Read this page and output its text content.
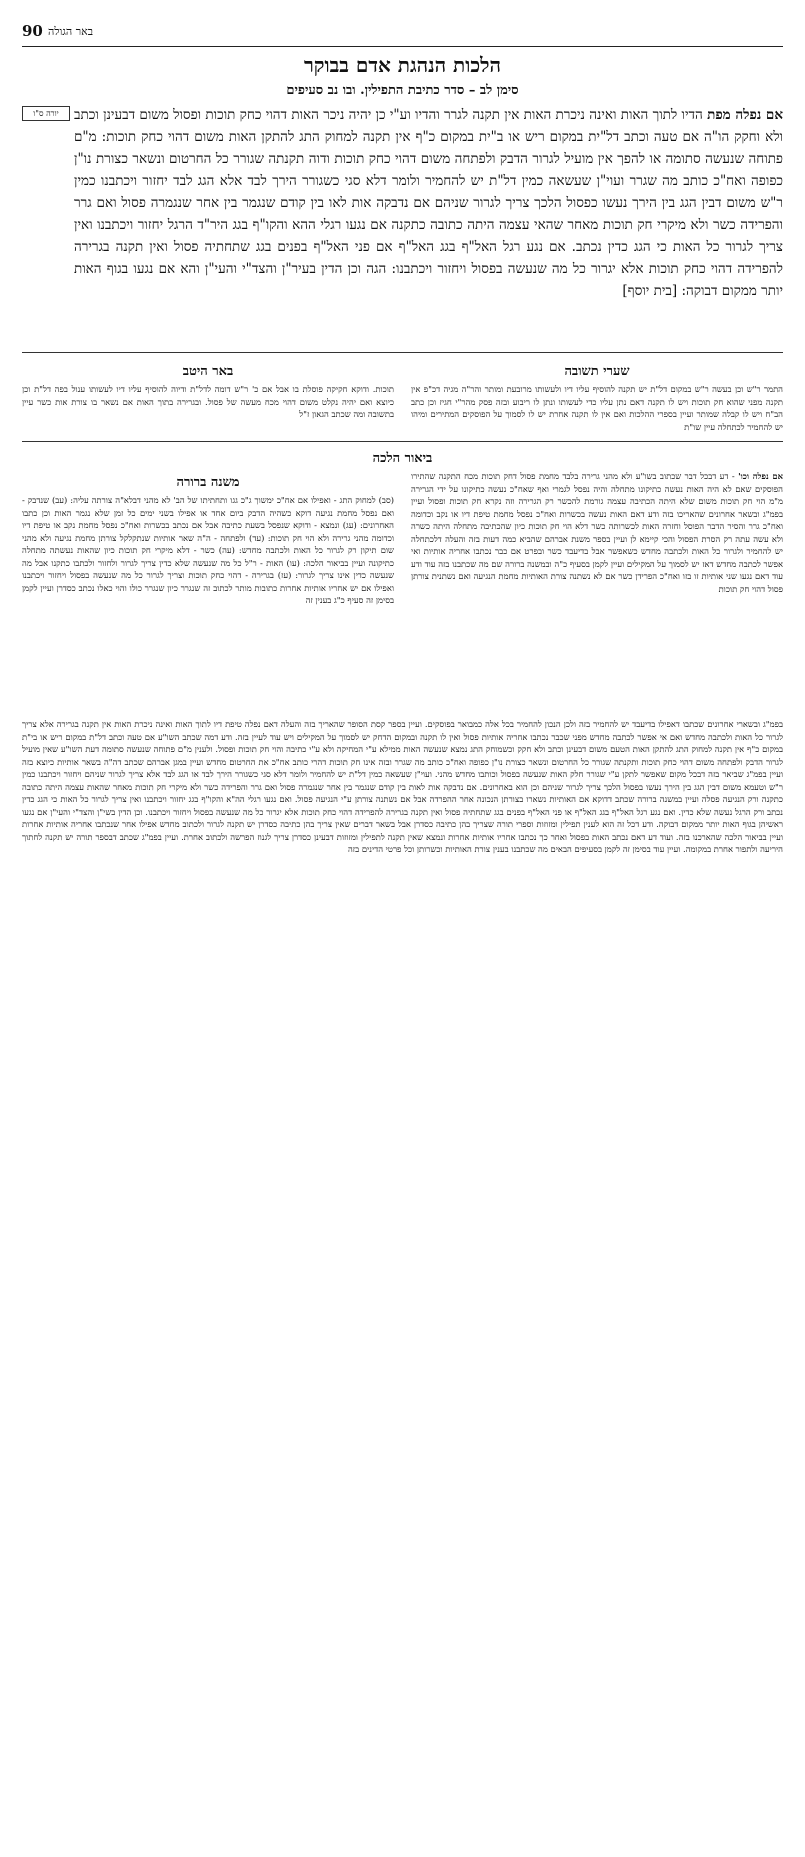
90 באר הגולה
הלכות הנהגת אדם בבוקר
סימן לב – סדר כתיבת התפילין. ובו נב סעיפים
יורה ס"ו	אם נפלה מפת הדיו לתוך האות ואינה ניכרת האות אין תקנה לגרר והדיו וע"י כן יהיה ניכר האות דהוי כחק תוכות ופסול משום דבעינן וכתב ולא וחקק הו"ה אם טעה וכתב דל"ית במקום ריש או ב"ית במקום כ"ף אין תקנה למחוק התג להתקן האות משום דהוי כחק תוכות: מ"ם פתוחה שנעשה סתומה או להפך אין מועיל לגרור הדבק ולפתחה משום דהוי כחק תוכות ודוה תקנתה שגורר כל החרטום ונשאר כצורת נו"ן כפופה ואח"כ כותב מה שגרר ועוי"ן שעשאה כמין דל"ת יש להחמיר ולומר דלא סגי כשגורר הירך לבד אלא הגג לבד יחזור ויכתבנו כמין ר"ש משום דבין הגג בין הירך נעשו כפסול הלכך צריך לגרור שניהם אם נדבקה אות לאו בין קודם שנגמר בין אחר שנגמרה פסול ואם גרר והפרידה כשר ולא מיקרי חק תוכות מאחר שהאי עצמה היתה כתובה כתקנה אם נגעו רגלי ההא והקו"ף בגג היר"ד הרגל יחזור ויכתבנו ואין צריך לגרור כל האות כי הגג כדין נכתב. אם נגע רגל האל"ף בגג האל"ף אם פני האל"ף בפנים בגג שתחתיה פסול ואין תקנה בגרירה להפרידה דהוי כחק תוכות אלא יגרור כל מה שנעשה בפסול ויחזור ויכתבנו: הגה וכן הדין בעיר"ן והצד"י והעי"ן והא אם נגעו בגוף האות יותר ממקום דבוקה: [בית יוסף]
שערי תשובה
התמר ר"ש וכן בעשה ר"ש במקום דל"ת יש תקנה להוסיף עליו דיו ולעשותו מרובעת ומותר והר"ה מגיה דכ"פ אין תקנה מפני שהוא חק תוכות ויש לו תקנה דאם נתן עליו כדי לעשותו ונתן לו ריבוע ובזה פסק מהר"י חגיז וכן כתב הב"ח ויש לו קבלה שמותר ועיין בספרי ההלכות ואם אין לו תקנה אחרת יש לו לסמוך על הפוסקים המתירים ומיהו יש להחמיר לכתחלה עיין שו"ת
באר היטב
תוכות. ודוקא חקיקה פוסלת בו אבל אם כ' ר"ש דומה לדל"ת ודיוה להוסיף עליו דיו לעשותו ענול בפה דל"ת וכן כיוצא ואם יהיה נקלט משום דהוי מכח מעשה של פסול. ובגרירה בתוך האות אם נשאר בו צורת אות כשר עיין בתשובה ומה שכתב הגאון ז"ל
ביאור הלכה
אם נפלה וכו' - דע דבכל דבר שכתוב בשו"ע ולא מהני גרירה בלבד מחמת פסול דחק תוכות מכח התקנה שהתירו הפוסקים שאם לא היה האות נעשה כתיקונו מתחלה והיה נפסל לגמרי ואף שאח"כ נעשה כתיקונו על ידי הגרירה מ"מ הוי חק תוכות משום שלא היתה הכתיבה עצמה גורמת להכשר רק הגרירה וזה נקרא חק תוכות ופסול ועיין בפמ"ג ובשאר אחרונים שהאריכו בזה ודע דאם האות נעשה בכשרות ואח"כ נפסל מחמת טיפת דיו או נקב וכדומה ואח"כ גרר והסיר הדבר הפוסל וחזרה האות לכשרותה כשר דלא הוי חק תוכות כיון שהכתיבה מתחלה היתה כשרה ולא עשה עתה רק הסרת הפסול והכי קיימא לן ועיין בספר משנת אברהם שהביא כמה דעות בזה והעלה דלכתחלה יש להחמיר ולגרור כל האות ולכתבה מחדש כשאפשר אבל בדיעבד כשר ובפרט אם כבר נכתבו אחריה אותיות ואי אפשר לכתבה מחדש דאז יש לסמוך על המקילים ועיין לקמן בסעיף כ"ה ובמשנה ברורה שם מה שכתבנו בזה עוד ודע עוד דאם נגעו שני אותיות זו בזו ואח"כ הפרידן כשר אם לא נשתנה צורת האותיות מחמת הנגיעה ואם נשתנית צורתן פסול דהוי חק תוכות
משנה ברורה
(סב) למחוק התג - ואפילו אם אח"כ ימשוך ג"כ גגו ותחתיתו של הב' לא מהני דבלא"ה צורתה עליה: (עב) שנדבק - ואם נפסל מחמת נגיעה דוקא כשהיה הדבק ביום אחד או אפילו בשני ימים כל זמן שלא נגמר האות וכן כתבו האחרונים: (עג) ונמצא - ודוקא שנפסל בשעת כתיבה אבל אם נכתב בכשרות ואח"כ נפסל מחמת נקב או טיפת דיו וכדומה מהני גרירה ולא הוי חק תוכות: (עד) ולפתחה - ה"ה שאר אותיות שנתקלקל צורתן מחמת נגיעה ולא מהני שום תיקון רק לגרור כל האות ולכתבה מחדש: (עה) כשר - דלא מיקרי חק תוכות כיון שהאות נעשתה מתחלה כתיקונה ועיין בביאור הלכה: (עו) האות - ר"ל כל מה שנעשה שלא כדין צריך לגרור ולחזור ולכתבו כתקנו אבל מה שנעשה כדין אינו צריך לגרור: (עז) בגרירה - דהוי כחק תוכות וצריך לגרור כל מה שנעשה בפסול ויחזור ויכתבנו ואפילו אם יש אחריו אותיות אחרות כתובות מותר לכתוב זה שנגרר כיון שנגרר כולו והוי כאלו נכתב כסדרן ועיין לקמן בסימן זה סעיף כ"ג בענין זה
בפמ"ג ובשארי אחרונים שכתבו דאפילו בדיעבד יש להחמיר בזה ולכן הנכון להחמיר בכל אלה כמבואר בפוסקים. ועיין בספר קסת הסופר שהאריך בזה והעלה דאם נפלה טיפת דיו לתוך האות ואינה ניכרת האות אין תקנה בגרירה אלא צריך לגרור כל האות ולכתבה מחדש ואם אי אפשר לכתבה מחדש מפני שכבר נכתבו אחריה אותיות פסול ואין לו תקנה ובמקום הדחק יש לסמוך על המקילים ויש עוד לעיין בזה. ודע דמה שכתב השו"ע אם טעה וכתב דל"ת במקום ריש או בי"ת במקום כ"ף אין תקנה למחוק התג להתקן האות הטעם משום דבעינן וכתב ולא חקק וכשמוחק התג נמצא שנעשה האות ממילא ע"י המחיקה ולא ע"י כתיבה והוי חק תוכות ופסול. ולענין מ"ם פתוחה שנעשה סתומה דעת השו"ע שאין מועיל לגרור הדבק ולפתחה משום דהוי כחק תוכות ותקנתה שגורר כל החרטום ונשאר כצורת נו"ן כפופה ואח"כ כותב מה שגרר ובזה אינו חק תוכות דהרי כותב אח"כ את החרטום מחדש ועיין במגן אברהם שכתב דה"ה בשאר אותיות כיוצא בזה ועיין בפמ"ג שביאר בזה דבכל מקום שאפשר לתקן ע"י שגורר חלק האות שנעשה בפסול וכותבו מחדש מהני. ועוי"ן שעשאה כמין דל"ת יש להחמיר ולומר דלא סגי כשגורר הירך לבד או הגג לבד אלא צריך לגרור שניהם ויחזור ויכתבנו כמין ר"ש וטעמא משום דבין הגג בין הירך נעשו בפסול הלכך צריך לגרור שניהם וכן הוא באחרונים. אם נדבקה אות לאות בין קודם שנגמר בין אחר שנגמרה פסול ואם גרר והפרידה כשר ולא מיקרי חק תוכות מאחר שהאות עצמה היתה כתובה כתקנה ורק הנגיעה פסלה ועיין במשנה ברורה שכתב דדוקא אם האותיות נשארו בצורתן הנכונה אחר ההפרדה אבל אם נשתנה צורתן ע"י הנגיעה פסול. ואם נגעו רגלי הה"א והקו"ף בגג יחזור ויכתבנו ואין צריך לגרור כל האות כי הגג כדין נכתב ורק הרגל נעשה שלא כדין. ואם נגע רגל האל"ף בגג האל"ף או פני האל"ף בפנים בגג שתחתיה פסול ואין תקנה בגרירה להפרידה דהוי כחק תוכות אלא יגרור כל מה שנעשה בפסול ויחזור ויכתבנו. וכן הדין בשי"ן והצד"י והעי"ן אם נגעו ראשיהן בגוף האות יותר ממקום דבוקה. ודע דכל זה הוא לענין תפילין ומזוזות וספרי תורה שצריך בהן כתיבה כסדרן אבל בשאר דברים שאין צריך בהן כתיבה כסדרן יש תקנה לגרור ולכתוב מחדש אפילו אחר שנכתבו אחריה אותיות אחרות ועיין בביאור הלכה שהארכנו בזה. ועוד דע דאם נכתב האות בפסול ואחר כך נכתבו אחריו אותיות אחרות ונמצא שאין תקנה לתפילין ומזוזות דבעינן כסדרן צריך לגנוז הפרשה ולכתוב אחרת. ועיין בפמ"ג שכתב דבספר תורה יש תקנה לחתוך היריעה ולתפור אחרת במקומה. ועיין עוד בסימן זה לקמן בסעיפים הבאים מה שכתבנו בענין צורת האותיות וכשרותן וכל פרטי הדינים בזה
